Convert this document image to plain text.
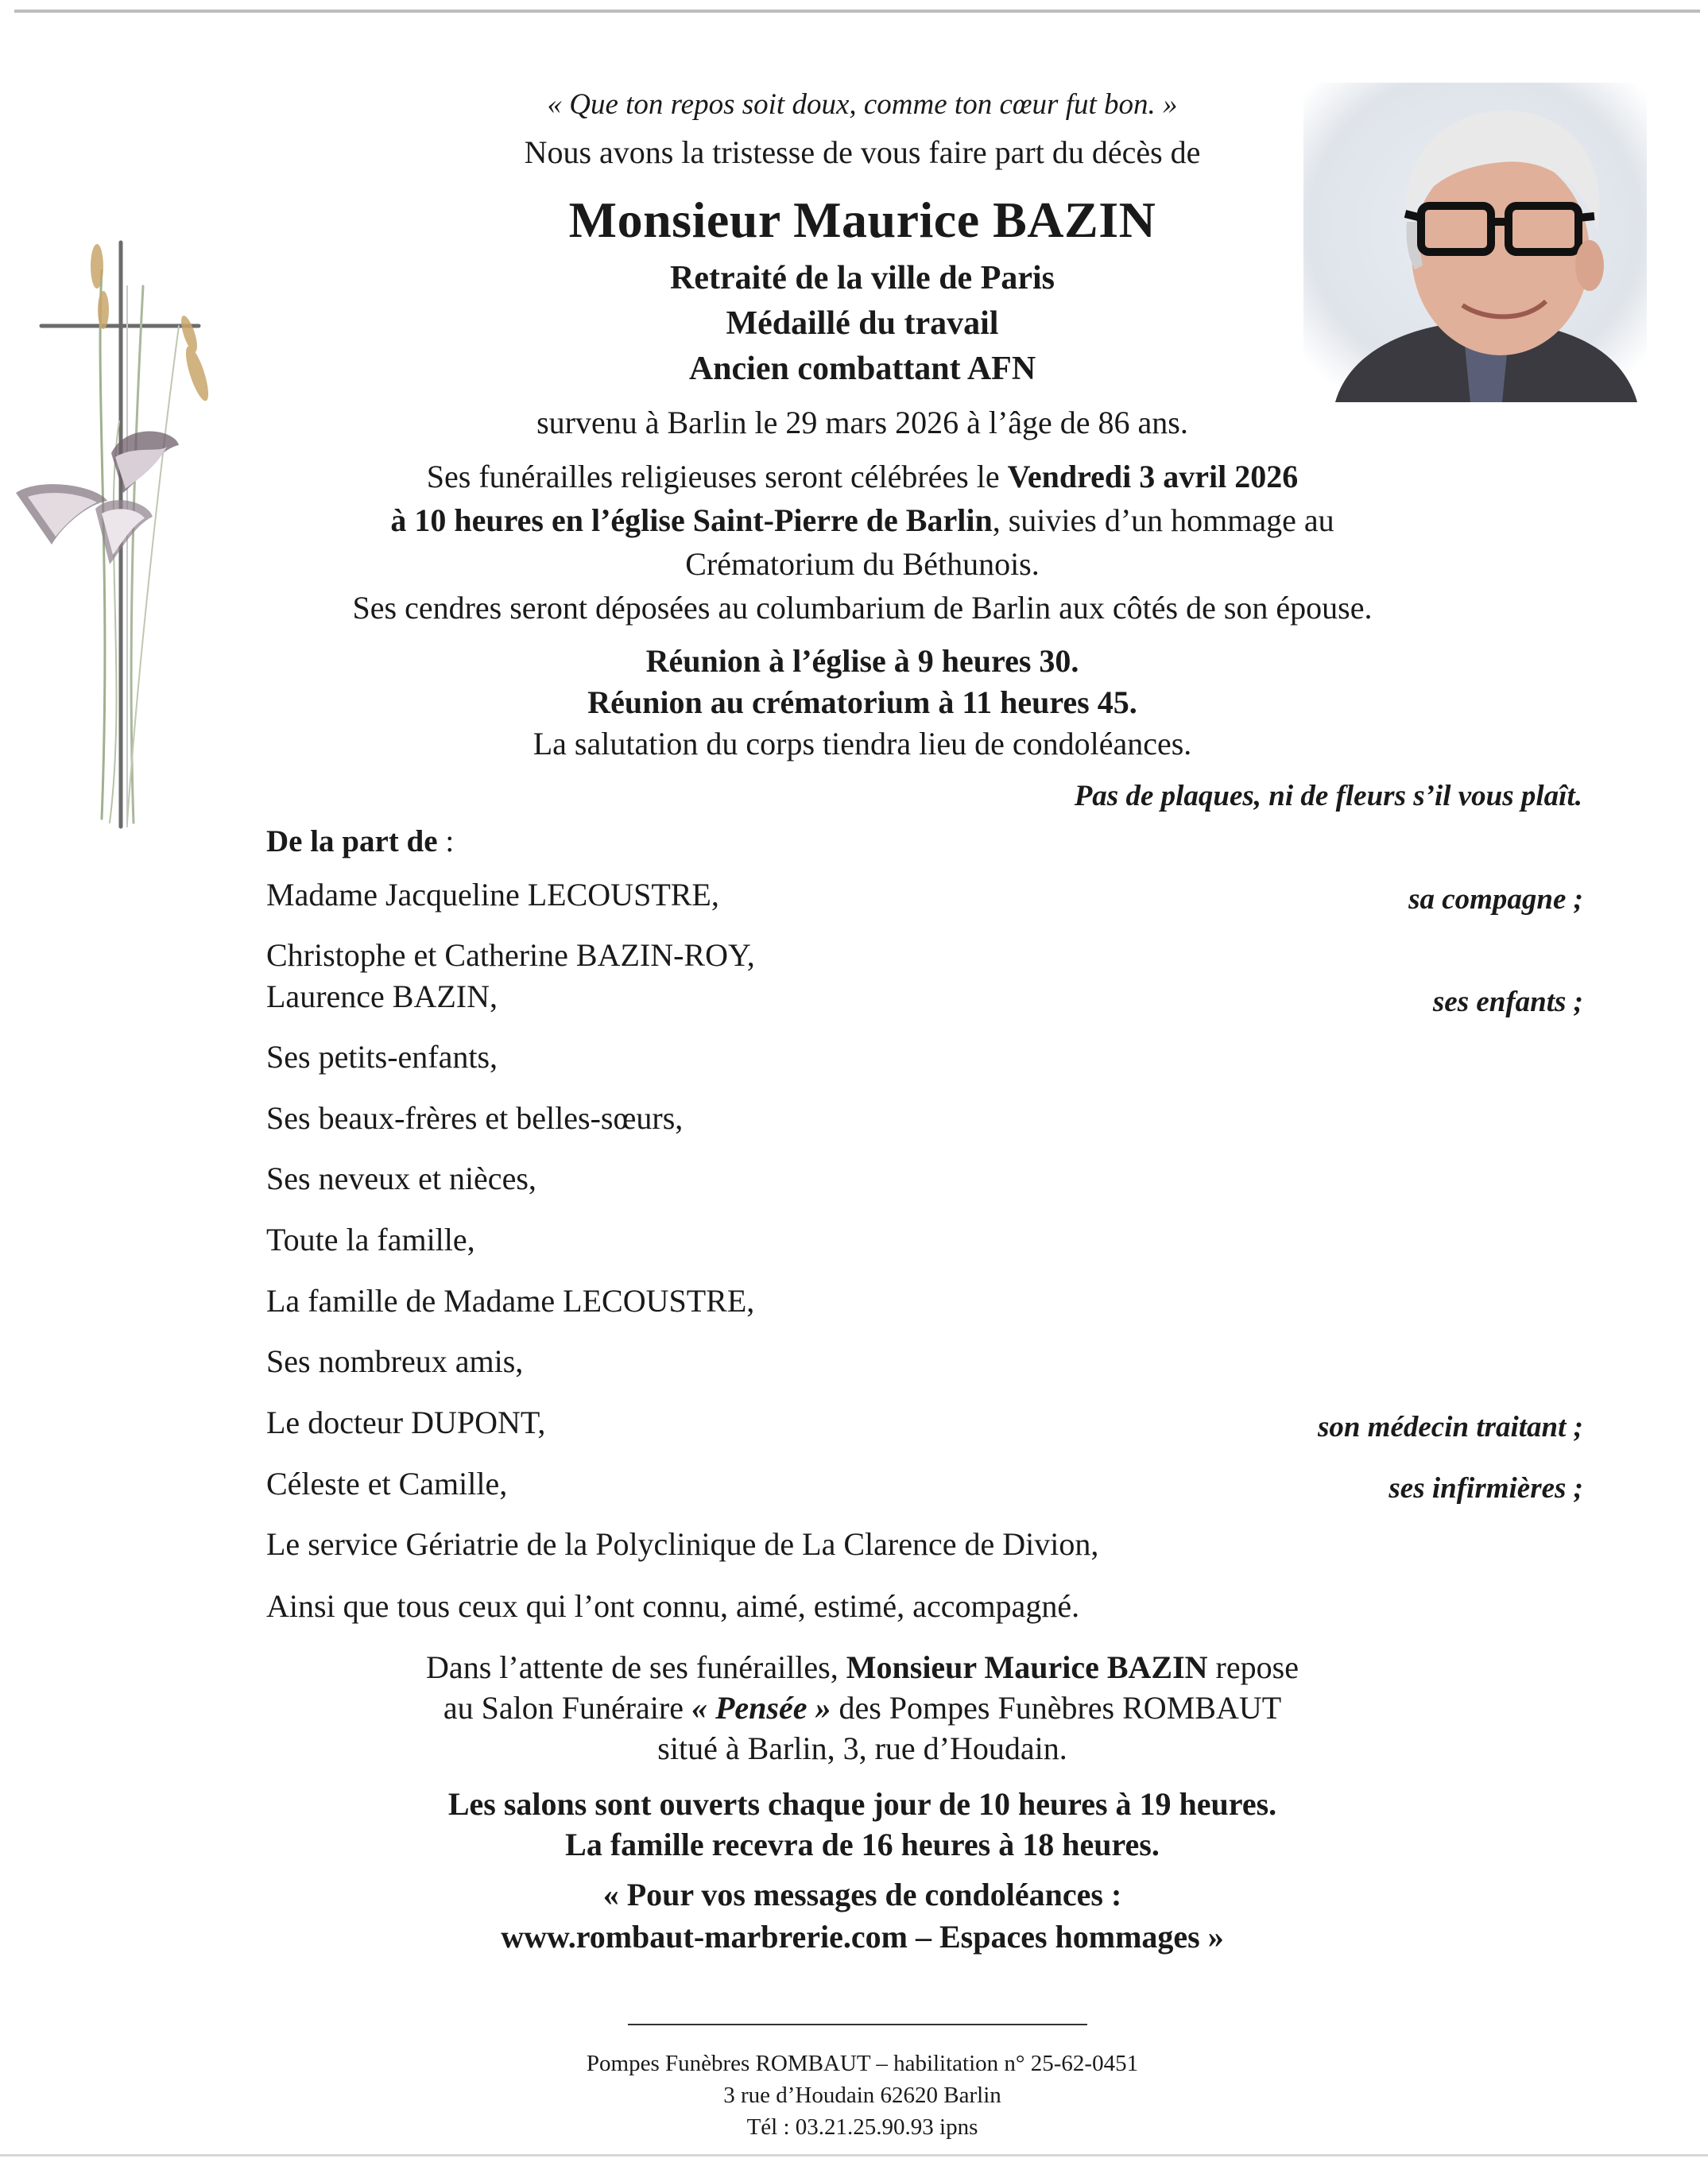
« Que ton repos soit doux, comme ton cœur fut bon. »
Nous avons la tristesse de vous faire part du décès de
Monsieur Maurice BAZIN
Retraité de la ville de Paris
Médaillé du travail
Ancien combattant AFN
survenu à Barlin le 29 mars 2026 à l’âge de 86 ans.
Ses funérailles religieuses seront célébrées le Vendredi 3 avril 2026
à 10 heures en l’église Saint-Pierre de Barlin, suivies d’un hommage au
Crématorium du Béthunois.
Ses cendres seront déposées au columbarium de Barlin aux côtés de son épouse.
Réunion à l’église à 9 heures 30.
Réunion au crématorium à 11 heures 45.
La salutation du corps tiendra lieu de condoléances.
Pas de plaques, ni de fleurs s’il vous plaît.
De la part de :
Madame Jacqueline LECOUSTRE,	sa compagne ;
Christophe et Catherine BAZIN-ROY,
Laurence BAZIN,	ses enfants ;
Ses petits-enfants,
Ses beaux-frères et belles-sœurs,
Ses neveux et nièces,
Toute la famille,
La famille de Madame LECOUSTRE,
Ses nombreux amis,
Le docteur DUPONT,	son médecin traitant ;
Céleste et Camille,	ses infirmières ;
Le service Gériatrie de la Polyclinique de La Clarence de Divion,
Ainsi que tous ceux qui l’ont connu, aimé, estimé, accompagné.
Dans l’attente de ses funérailles, Monsieur Maurice BAZIN repose
au Salon Funéraire « Pensée » des Pompes Funèbres ROMBAUT
situé à Barlin, 3, rue d’Houdain.
Les salons sont ouverts chaque jour de 10 heures à 19 heures.
La famille recevra de 16 heures à 18 heures.
« Pour vos messages de condoléances :
www.rombaut-marbrerie.com – Espaces hommages »
Pompes Funèbres ROMBAUT – habilitation n° 25-62-0451
3 rue d’Houdain 62620 Barlin
Tél : 03.21.25.90.93 ipns
